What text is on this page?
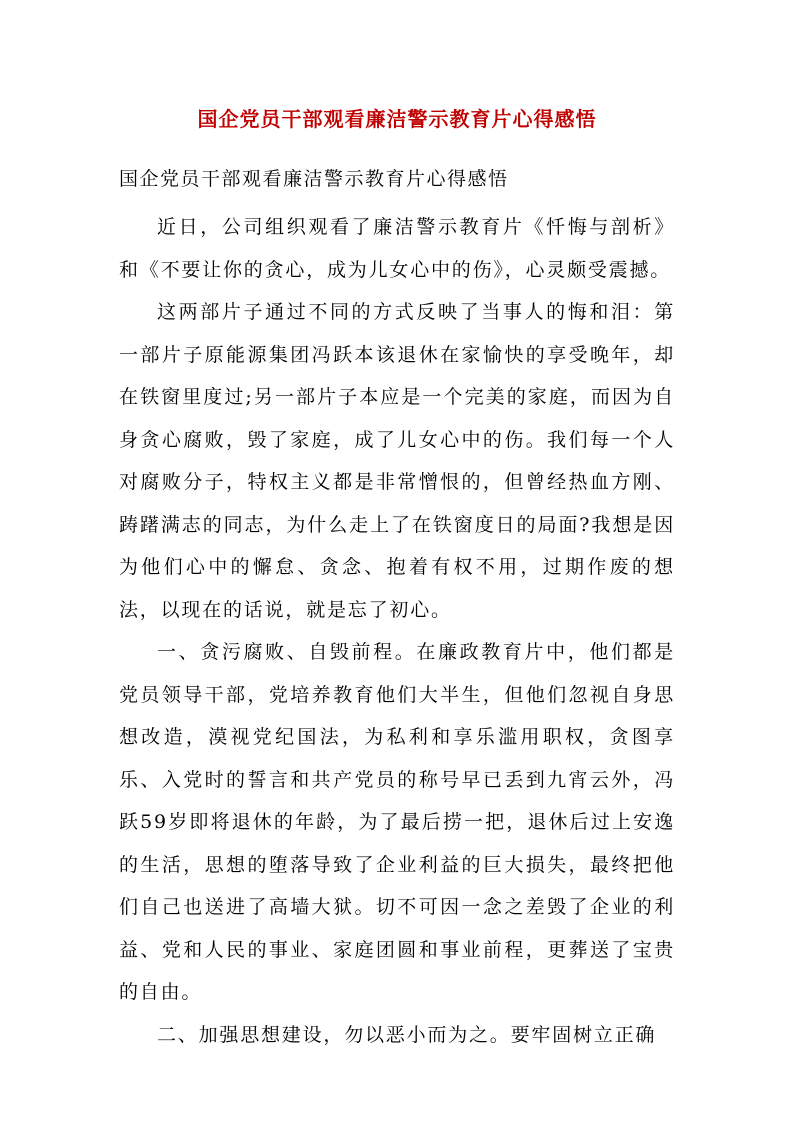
国企党员干部观看廉洁警示教育片心得感悟

国企党员干部观看廉洁警示教育片心得感悟

近日，公司组织观看了廉洁警示教育片《忏悔与剖析》和《不要让你的贪心，成为儿女心中的伤》，心灵颇受震撼。

这两部片子通过不同的方式反映了当事人的悔和泪：第一部片子原能源集团冯跃本该退休在家愉快的享受晚年，却在铁窗里度过;另一部片子本应是一个完美的家庭，而因为自身贪心腐败，毁了家庭，成了儿女心中的伤。我们每一个人对腐败分子，特权主义都是非常憎恨的，但曾经热血方刚、踌躇满志的同志，为什么走上了在铁窗度日的局面?我想是因为他们心中的懈怠、贪念、抱着有权不用，过期作废的想法，以现在的话说，就是忘了初心。

一、贪污腐败、自毁前程。在廉政教育片中，他们都是党员领导干部，党培养教育他们大半生，但他们忽视自身思想改造，漠视党纪国法，为私利和享乐滥用职权，贪图享乐、入党时的誓言和共产党员的称号早已丢到九宵云外，冯跃59岁即将退休的年龄，为了最后捞一把，退休后过上安逸的生活，思想的堕落导致了企业利益的巨大损失，最终把他们自己也送进了高墙大狱。切不可因一念之差毁了企业的利益、党和人民的事业、家庭团圆和事业前程，更葬送了宝贵的自由。

二、加强思想建设，勿以恶小而为之。要牢固树立正确
